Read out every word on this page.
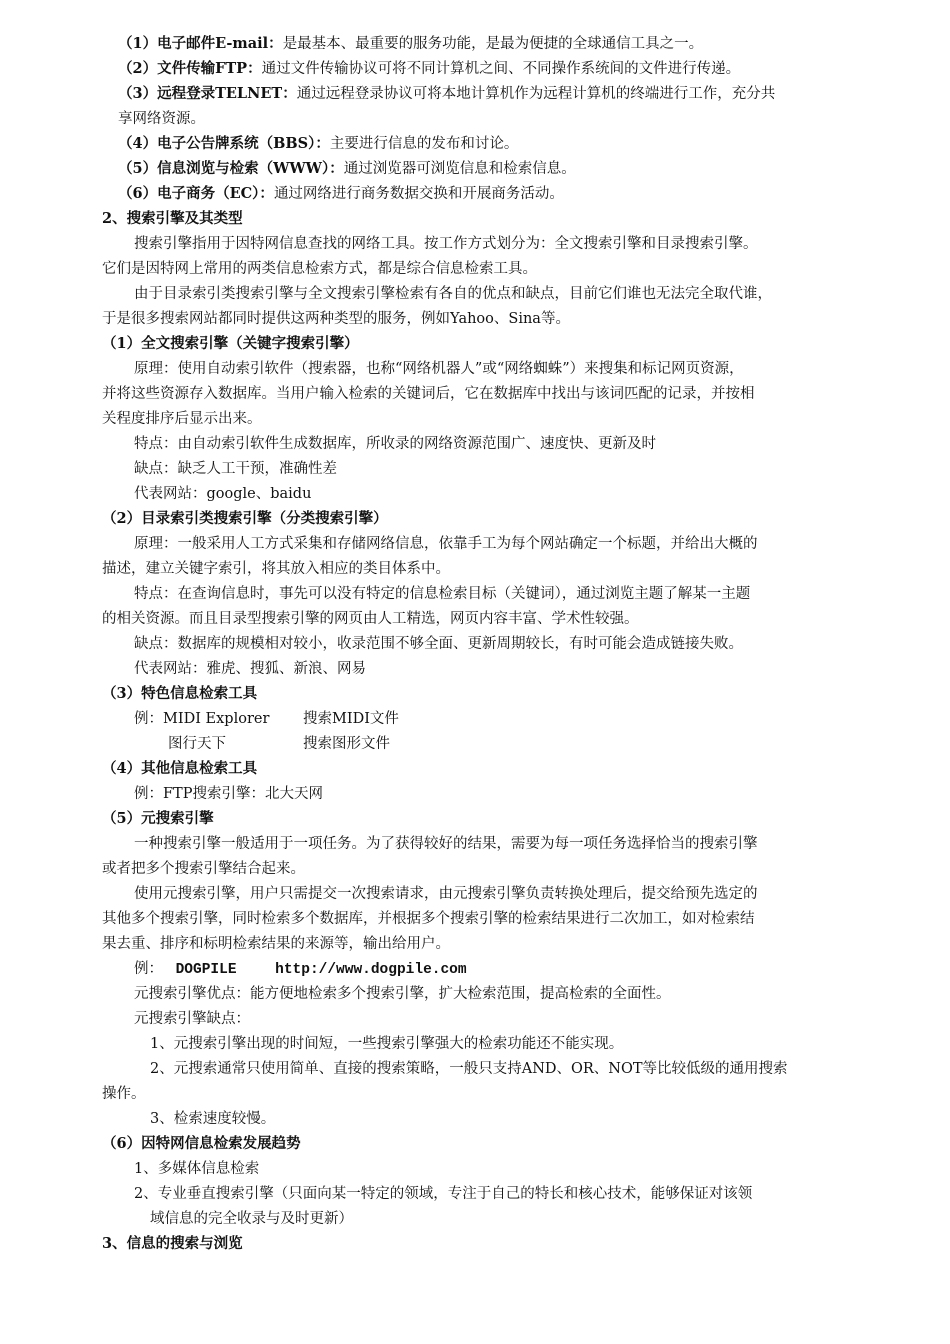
（1）电子邮件E-mail：是最基本、最重要的服务功能，是最为便捷的全球通信工具之一。
（2）文件传输FTP：通过文件传输协议可将不同计算机之间、不同操作系统间的文件进行传递。
（3）远程登录TELNET：通过远程登录协议可将本地计算机作为远程计算机的终端进行工作，充分共
享网络资源。
（4）电子公告牌系统（BBS）：主要进行信息的发布和讨论。
（5）信息浏览与检索（WWW）：通过浏览器可浏览信息和检索信息。
（6）电子商务（EC）：通过网络进行商务数据交换和开展商务活动。
2、搜索引擎及其类型
搜索引擎指用于因特网信息查找的网络工具。按工作方式划分为：全文搜索引擎和目录搜索引擎。
它们是因特网上常用的两类信息检索方式，都是综合信息检索工具。
由于目录索引类搜索引擎与全文搜索引擎检索有各自的优点和缺点，目前它们谁也无法完全取代谁，
于是很多搜索网站都同时提供这两种类型的服务，例如Yahoo、Sina等。
（1）全文搜索引擎（关键字搜索引擎）
原理：使用自动索引软件（搜索器，也称“网络机器人”或“网络蜘蛛”）来搜集和标记网页资源，
并将这些资源存入数据库。当用户输入检索的关键词后，它在数据库中找出与该词匹配的记录，并按相
关程度排序后显示出来。
特点：由自动索引软件生成数据库，所收录的网络资源范围广、速度快、更新及时
缺点：缺乏人工干预，准确性差
代表网站：google、baidu
（2）目录索引类搜索引擎（分类搜索引擎）
原理：一般采用人工方式采集和存储网络信息，依靠手工为每个网站确定一个标题，并给出大概的
描述，建立关键字索引，将其放入相应的类目体系中。
特点：在查询信息时，事先可以没有特定的信息检索目标（关键词），通过浏览主题了解某一主题
的相关资源。而且目录型搜索引擎的网页由人工精选，网页内容丰富、学术性较强。
缺点：数据库的规模相对较小，收录范围不够全面、更新周期较长，有时可能会造成链接失败。
代表网站：雅虎、搜狐、新浪、网易
（3）特色信息检索工具
例：MIDI Explorer 搜索MIDI文件
图行天下	搜索图形文件
（4）其他信息检索工具
例：FTP搜索引擎：北大天网
（5）元搜索引擎
一种搜索引擎一般适用于一项任务。为了获得较好的结果，需要为每一项任务选择恰当的搜索引擎
或者把多个搜索引擎结合起来。
使用元搜索引擎，用户只需提交一次搜索请求，由元搜索引擎负责转换处理后，提交给预先选定的
其他多个搜索引擎，同时检索多个数据库，并根据多个搜索引擎的检索结果进行二次加工，如对检索结
果去重、排序和标明检索结果的来源等，输出给用户。
例： DOGPILE	http://www.dogpile.com
元搜索引擎优点：能方便地检索多个搜索引擎，扩大检索范围，提高检索的全面性。
元搜索引擎缺点：
1、元搜索引擎出现的时间短，一些搜索引擎强大的检索功能还不能实现。
2、元搜索通常只使用简单、直接的搜索策略，一般只支持AND、OR、NOT等比较低级的通用搜索
操作。
3、检索速度较慢。
（6）因特网信息检索发展趋势
1、多媒体信息检索
2、专业垂直搜索引擎（只面向某一特定的领域，专注于自己的特长和核心技术，能够保证对该领
域信息的完全收录与及时更新）
3、信息的搜索与浏览
